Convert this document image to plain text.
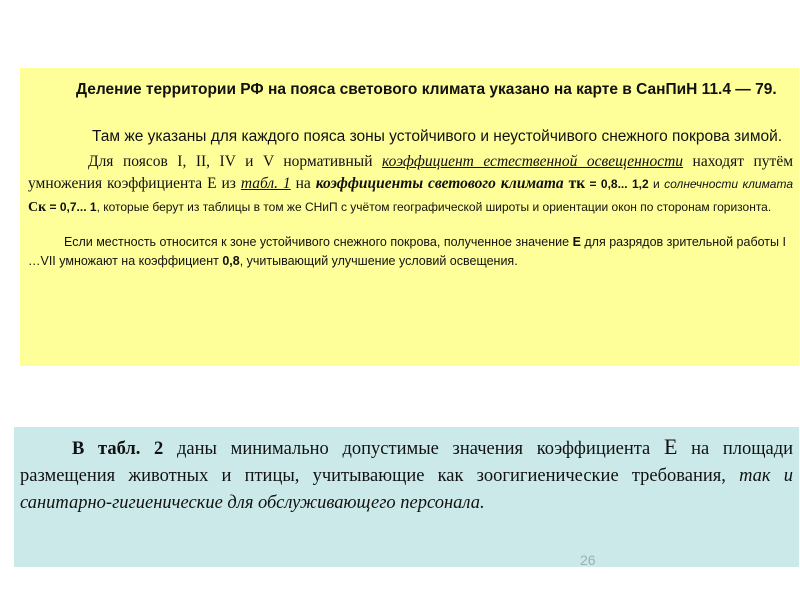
Деление территории РФ на пояса светового климата указано на карте в СанПиН 11.4 — 79.

Там же указаны для каждого пояса зоны устойчивого и неустойчивого снежного покрова зимой.

Для поясов I, II, IV и V нормативный коэффициент естественной освещенности находят путём умножения коэффициента Е из табл. 1 на коэффициенты светового климата тк = 0,8... 1,2 и солнечности климата Ск = 0,7... 1, которые берут из таблицы в том же СНиП с учётом географической широты и ориентации окон по сторонам горизонта.

Если местность относится к зоне устойчивого снежного покрова, полученное значение Е для разрядов зрительной работы I …VII умножают на коэффициент 0,8, учитывающий улучшение условий освещения.

В табл. 2 даны минимально допустимые значения коэффициента Е на площади размещения животных и птицы, учитывающие как зоогигиенические требования, так и санитарно-гигиенические для обслуживающего персонала.

26
